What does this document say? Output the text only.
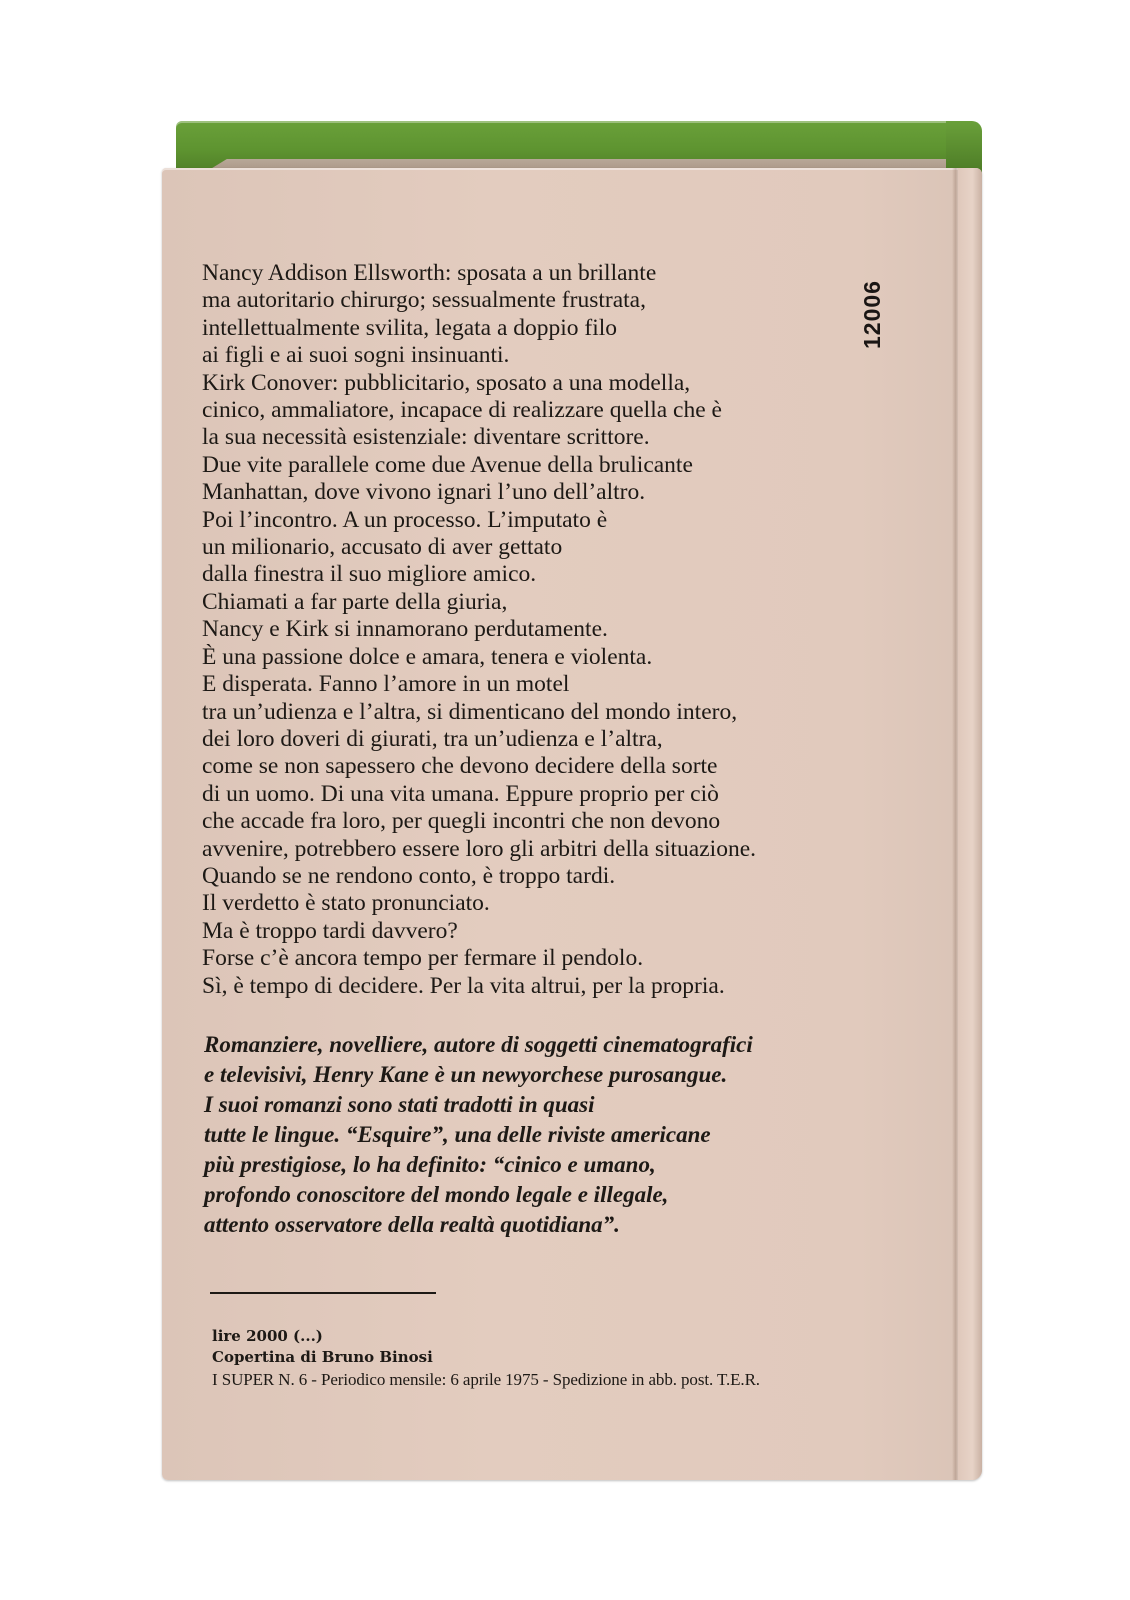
12006
Nancy Addison Ellsworth: sposata a un brillante
ma autoritario chirurgo; sessualmente frustrata,
intellettualmente svilita, legata a doppio filo
ai figli e ai suoi sogni insinuanti.
Kirk Conover: pubblicitario, sposato a una modella,
cinico, ammaliatore, incapace di realizzare quella che è
la sua necessità esistenziale: diventare scrittore.
Due vite parallele come due Avenue della brulicante
Manhattan, dove vivono ignari l’uno dell’altro.
Poi l’incontro. A un processo. L’imputato è
un milionario, accusato di aver gettato
dalla finestra il suo migliore amico.
Chiamati a far parte della giuria,
Nancy e Kirk si innamorano perdutamente.
È una passione dolce e amara, tenera e violenta.
E disperata. Fanno l’amore in un motel
tra un’udienza e l’altra, si dimenticano del mondo intero,
dei loro doveri di giurati, tra un’udienza e l’altra,
come se non sapessero che devono decidere della sorte
di un uomo. Di una vita umana. Eppure proprio per ciò
che accade fra loro, per quegli incontri che non devono
avvenire, potrebbero essere loro gli arbitri della situazione.
Quando se ne rendono conto, è troppo tardi.
Il verdetto è stato pronunciato.
Ma è troppo tardi davvero?
Forse c’è ancora tempo per fermare il pendolo.
Sì, è tempo di decidere. Per la vita altrui, per la propria.
Romanziere, novelliere, autore di soggetti cinematografici
e televisivi, Henry Kane è un newyorchese purosangue.
I suoi romanzi sono stati tradotti in quasi
tutte le lingue. “Esquire”, una delle riviste americane
più prestigiose, lo ha definito: “cinico e umano,
profondo conoscitore del mondo legale e illegale,
attento osservatore della realtà quotidiana”.
lire 2000 (...)
Copertina di Bruno Binosi
I SUPER N. 6 - Periodico mensile: 6 aprile 1975 - Spedizione in abb. post. T.E.R.
